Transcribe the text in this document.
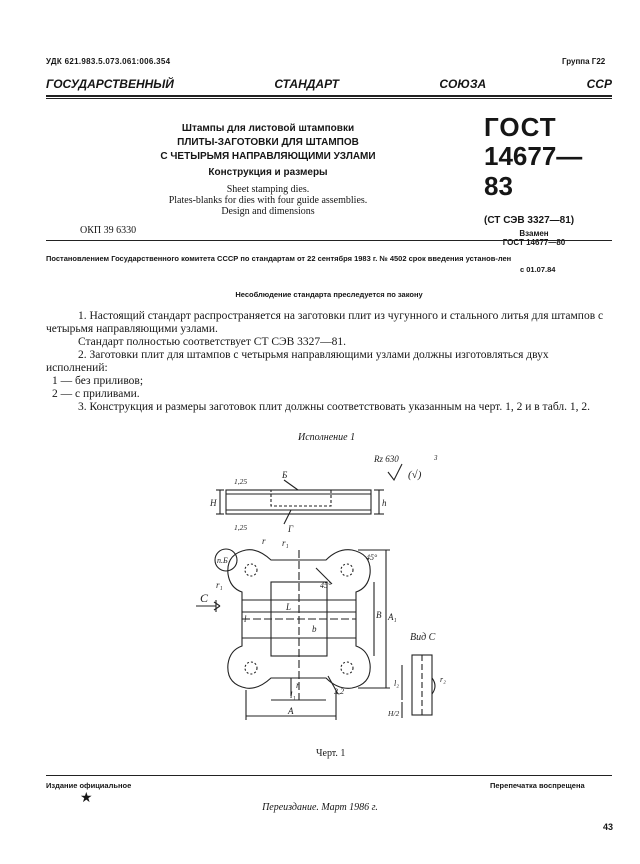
УДК 621.983.5.073.061:006.354	Группа Г22
ГОСУДАРСТВЕННЫЙ	СТАНДАРТ	СОЮЗА	ССР
Штампы для листовой штамповки
ПЛИТЫ-ЗАГОТОВКИ ДЛЯ ШТАМПОВ
С ЧЕТЫРЬМЯ НАПРАВЛЯЮЩИМИ УЗЛАМИ
Конструкция и размеры
Sheet stamping dies.
Plates-blanks for dies with four guide assemblies.
Design and dimensions
ГОСТ
14677—83
(СТ СЭВ 3327—81)
Взамен
ГОСТ 14677—80
ОКП 39 6330
Постановлением Государственного комитета СССР по стандартам от 22 сентября 1983 г. № 4502 срок введения установ-лен
с 01.07.84
Несоблюдение стандарта преследуется по закону

1. Настоящий стандарт распространяется на заготовки плит из чугунного и стального литья для штампов с четырьмя направляющими узлами.

Стандарт полностью соответствует СТ СЭВ 3327—81.

2. Заготовки плит для штампов с четырьмя направляющими узлами должны изготовляться двух исполнений:

1 — без приливов;

2 — с приливами.

3. Конструкция и размеры заготовок плит должны соответствовать указанным на черт. 1, 2 и в табл. 1, 2.

Исполнение 1
Rz 630	3
(√)
1,25
1,25
Б
Г
H	h
п.Б
r r₁
r₁
45°
45°
C
L
l	B
b
A₁
r
l₁
A
3,2
Вид C
l₂	r₂
H/2
Черт. 1
Издание официальное	Перепечатка воспрещена
★
Переиздание. Март 1986 г.
43
